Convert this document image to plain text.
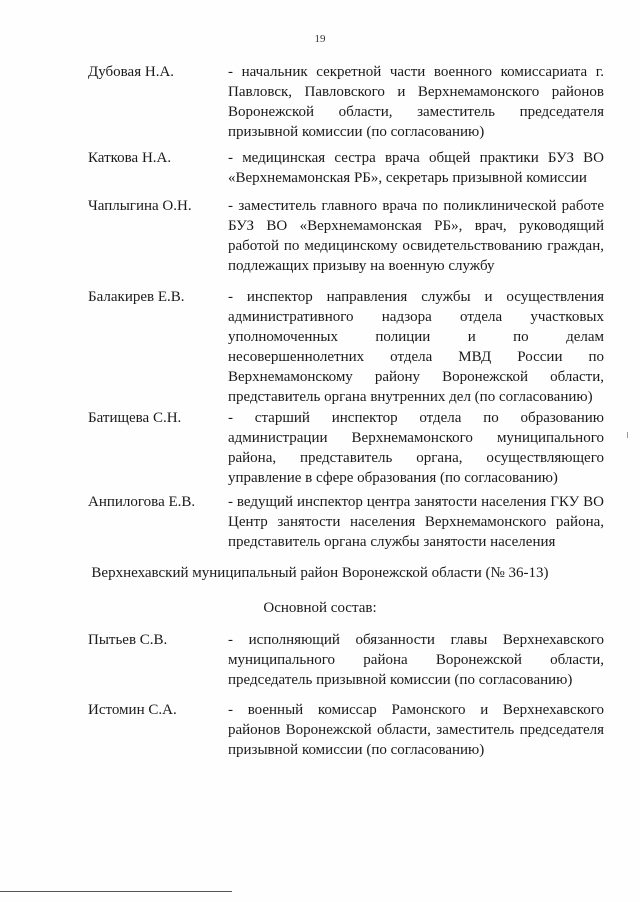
19
Дубовая Н.А.	- начальник секретной части военного комиссариата г. Павловск, Павловского и Верхнемамонского районов Воронежской области, заместитель председателя призывной комиссии (по согласованию)
Каткова Н.А.	- медицинская сестра врача общей практики БУЗ ВО «Верхнемамонская РБ», секретарь призывной комиссии
Чаплыгина О.Н. - заместитель главного врача по поликлинической работе БУЗ ВО «Верхнемамонская РБ», врач, руководящий работой по медицинскому освидетельствованию граждан, подлежащих призыву на военную службу
Балакирев Е.В.	- инспектор направления службы и осуществления административного надзора отдела участковых уполномоченных полиции и по делам несовершеннолетних отдела МВД России по Верхнемамонскому району Воронежской области, представитель органа внутренних дел (по согласованию)
Батищева С.Н.	- старший инспектор отдела по образованию администрации Верхнемамонского муниципального района, представитель органа, осуществляющего управление в сфере образования (по согласованию)
Анпилогова Е.В. - ведущий инспектор центра занятости населения ГКУ ВО Центр занятости населения Верхнемамонского района, представитель органа службы занятости населения
Верхнехавский муниципальный район Воронежской области (№ 36-13)
Основной состав:
Пытьев С.В.	- исполняющий обязанности главы Верхнехавского муниципального района Воронежской области, председатель призывной комиссии (по согласованию)
Истомин С.А.	- военный комиссар Рамонского и Верхнехавского районов Воронежской области, заместитель председателя призывной комиссии (по согласованию)
